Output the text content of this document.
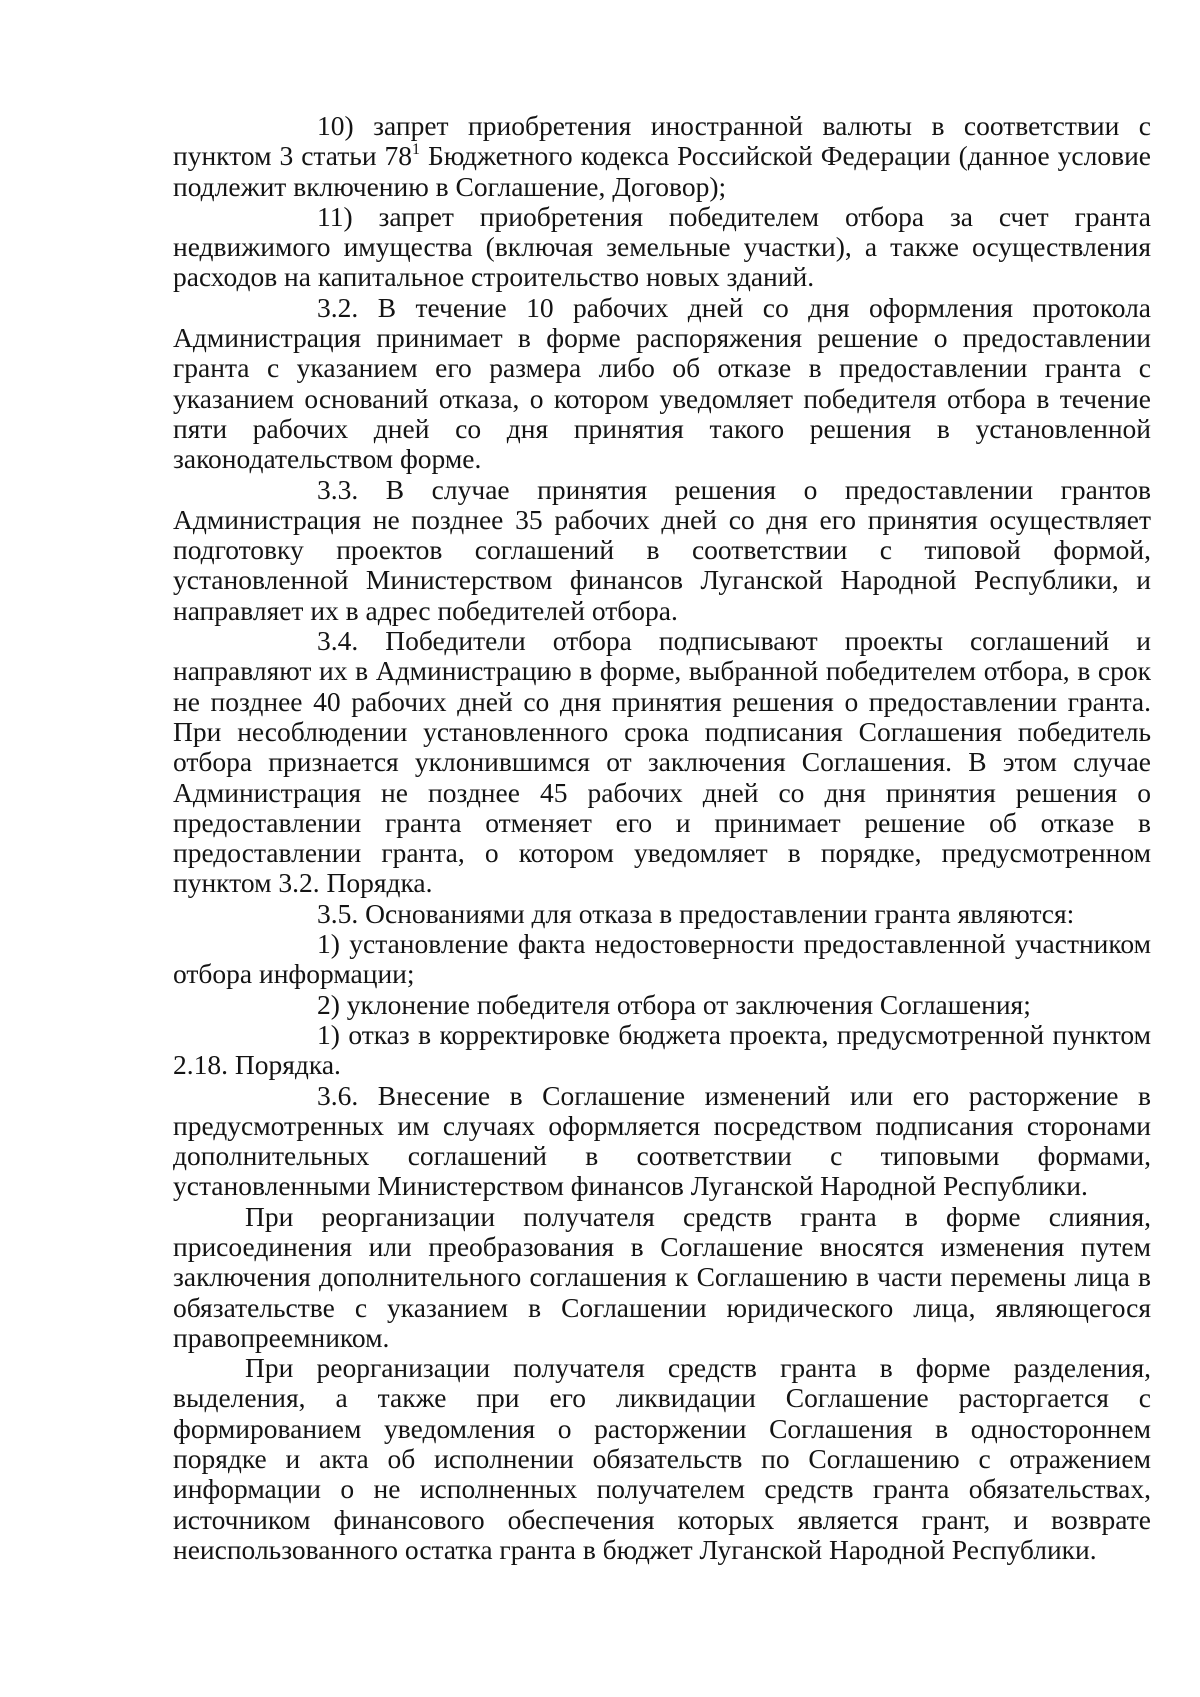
10) запрет приобретения иностранной валюты в соответствии с пунктом 3 статьи 78$^1$ Бюджетного кодекса Российской Федерации (данное условие подлежит включению в Соглашение, Договор);

11) запрет приобретения победителем отбора за счет гранта недвижимого имущества (включая земельные участки), а также осуществления расходов на капитальное строительство новых зданий.

3.2. В течение 10 рабочих дней со дня оформления протокола Администрация принимает в форме распоряжения решение о предоставлении гранта с указанием его размера либо об отказе в предоставлении гранта с указанием оснований отказа, о котором уведомляет победителя отбора в течение пяти рабочих дней со дня принятия такого решения в установленной законодательством форме.

3.3. В случае принятия решения о предоставлении грантов Администрация не позднее 35 рабочих дней со дня его принятия осуществляет подготовку проектов соглашений в соответствии с типовой формой, установленной Министерством финансов Луганской Народной Республики, и направляет их в адрес победителей отбора.

3.4. Победители отбора подписывают проекты соглашений и направляют их в Администрацию в форме, выбранной победителем отбора, в срок не позднее 40 рабочих дней со дня принятия решения о предоставлении гранта. При несоблюдении установленного срока подписания Соглашения победитель отбора признается уклонившимся от заключения Соглашения. В этом случае Администрация не позднее 45 рабочих дней со дня принятия решения о предоставлении гранта отменяет его и принимает решение об отказе в предоставлении гранта, о котором уведомляет в порядке, предусмотренном пунктом 3.2. Порядка.

3.5. Основаниями для отказа в предоставлении гранта являются:

1) установление факта недостоверности предоставленной участником отбора информации;

2) уклонение победителя отбора от заключения Соглашения;

1) отказ в корректировке бюджета проекта, предусмотренной пунктом 2.18. Порядка.

3.6. Внесение в Соглашение изменений или его расторжение в предусмотренных им случаях оформляется посредством подписания сторонами дополнительных соглашений в соответствии с типовыми формами, установленными Министерством финансов Луганской Народной Республики.

При реорганизации получателя средств гранта в форме слияния, присоединения или преобразования в Соглашение вносятся изменения путем заключения дополнительного соглашения к Соглашению в части перемены лица в обязательстве с указанием в Соглашении юридического лица, являющегося правопреемником.

При реорганизации получателя средств гранта в форме разделения, выделения, а также при его ликвидации Соглашение расторгается с формированием уведомления о расторжении Соглашения в одностороннем порядке и акта об исполнении обязательств по Соглашению с отражением информации о не исполненных получателем средств гранта обязательствах, источником финансового обеспечения которых является грант, и возврате неиспользованного остатка гранта в бюджет Луганской Народной Республики.
